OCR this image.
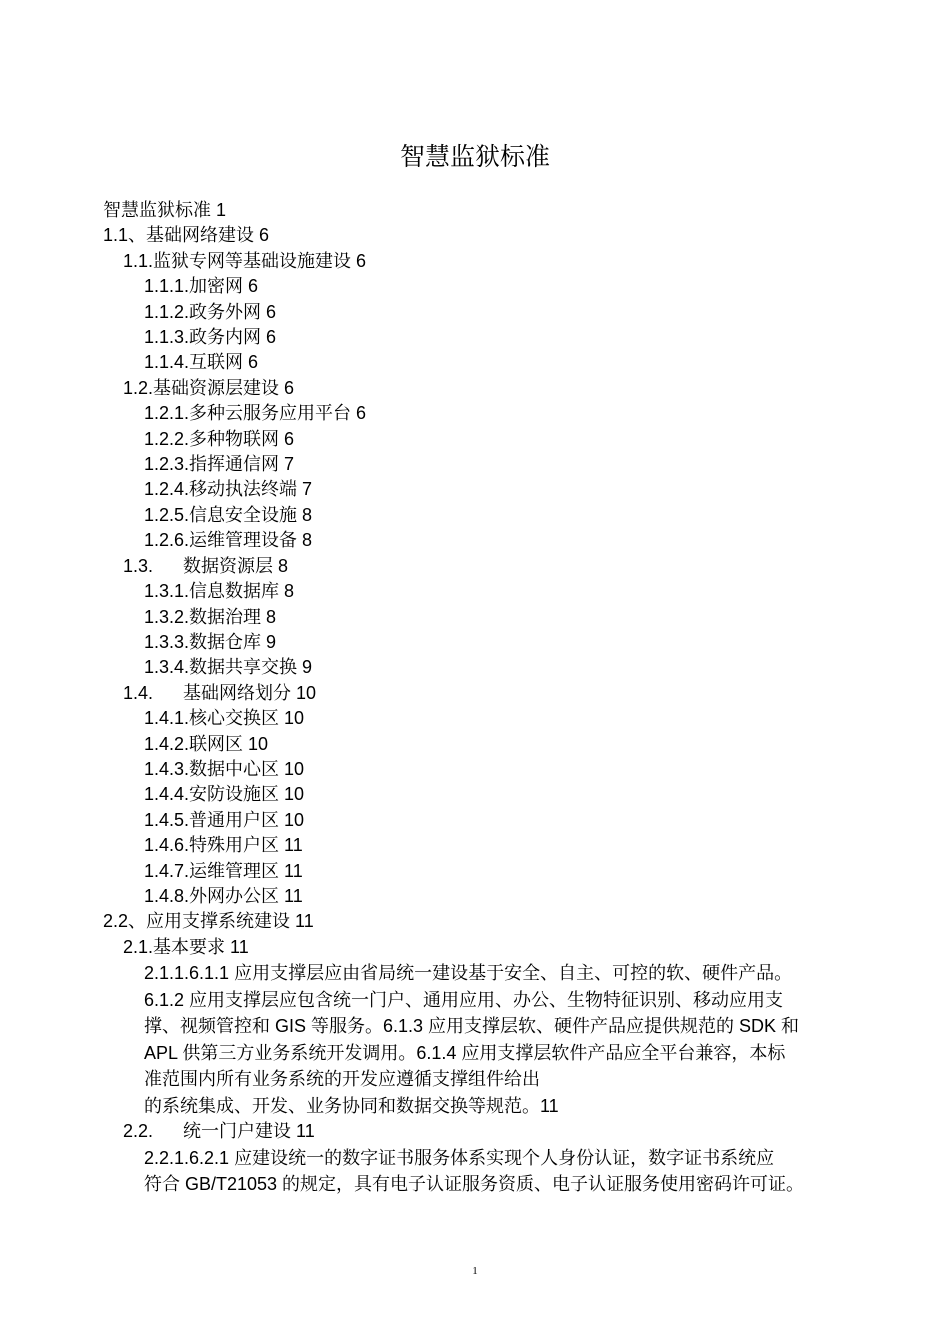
智慧监狱标准
智慧监狱标准 1
1.1、基础网络建设 6
1.1.监狱专网等基础设施建设 6
1.1.1.加密网 6
1.1.2.政务外网 6
1.1.3.政务内网 6
1.1.4.互联网 6
1.2.基础资源层建设 6
1.2.1.多种云服务应用平台 6
1.2.2.多种物联网 6
1.2.3.指挥通信网 7
1.2.4.移动执法终端 7
1.2.5.信息安全设施 8
1.2.6.运维管理设备 8
1.3. 数据资源层 8
1.3.1.信息数据库 8
1.3.2.数据治理 8
1.3.3.数据仓库 9
1.3.4.数据共享交换 9
1.4. 基础网络划分 10
1.4.1.核心交换区 10
1.4.2.联网区 10
1.4.3.数据中心区 10
1.4.4.安防设施区 10
1.4.5.普通用户区 10
1.4.6.特殊用户区 11
1.4.7.运维管理区 11
1.4.8.外网办公区 11
2.2、应用支撑系统建设 11
2.1.基本要求 11
2.1.1.6.1.1 应用支撑层应由省局统一建设基于安全、自主、可控的软、硬件产品。
6.1.2 应用支撑层应包含统一门户、通用应用、办公、生物特征识别、移动应用支
撑、视频管控和 GIS 等服务。6.1.3 应用支撑层软、硬件产品应提供规范的 SDK 和
APL 供第三方业务系统开发调用。6.1.4 应用支撑层软件产品应全平台兼容，本标
准范围内所有业务系统的开发应遵循支撑组件给出
的系统集成、开发、业务协同和数据交换等规范。11
2.2. 统一门户建设 11
2.2.1.6.2.1 应建设统一的数字证书服务体系实现个人身份认证，数字证书系统应
符合 GB/T21053 的规定，具有电子认证服务资质、电子认证服务使用密码许可证。
1
